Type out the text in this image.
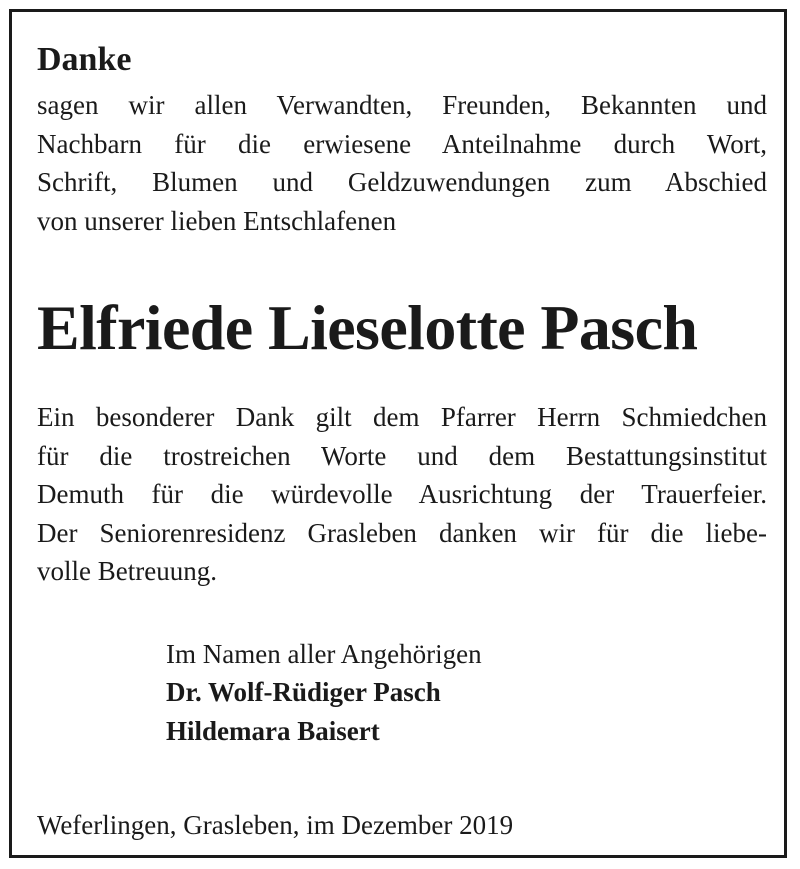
Danke

sagen wir allen Verwandten, Freunden, Bekannten und
Nachbarn für die erwiesene Anteilnahme durch Wort,
Schrift, Blumen und Geldzuwendungen zum Abschied
von unserer lieben Entschlafenen

Elfriede Lieselotte Pasch

Ein besonderer Dank gilt dem Pfarrer Herrn Schmiedchen
für die trostreichen Worte und dem Bestattungsinstitut
Demuth für die würdevolle Ausrichtung der Trauerfeier.
Der Seniorenresidenz Grasleben danken wir für die liebe-
volle Betreuung.

Im Namen aller Angehörigen
Dr. Wolf-Rüdiger Pasch
Hildemara Baisert
Weferlingen, Grasleben, im Dezember 2019
